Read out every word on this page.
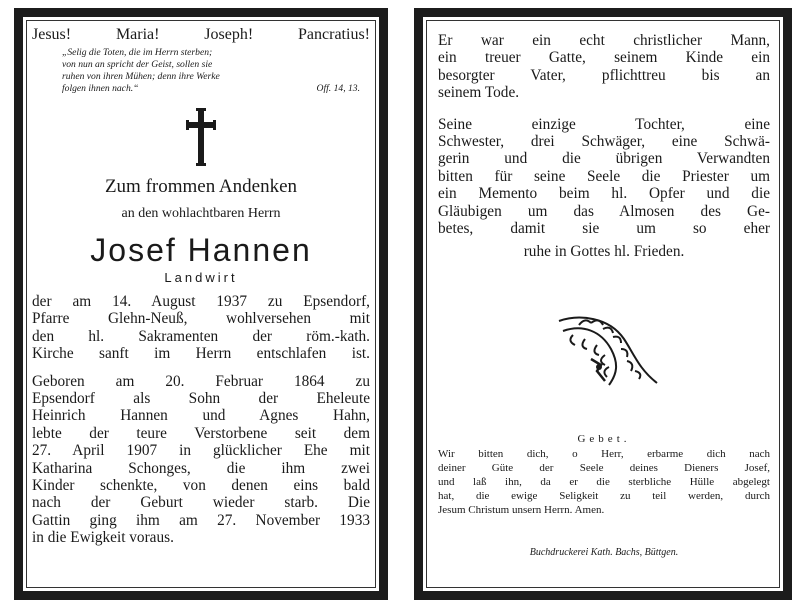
Jesus!	Maria!	Joseph!	Pancratius!
„Selig die Toten, die im Herrn sterben;
von nun an spricht der Geist, sollen sie
ruhen von ihren Mühen; denn ihre Werke
folgen ihnen nach.“	Off. 14, 13.
Zum frommen Andenken
an den wohlachtbaren Herrn
Josef Hannen
Landwirt
der am 14. August 1937 zu Epsendorf,
Pfarre Glehn-Neuß, wohlversehen mit
den hl. Sakramenten der röm.-kath.
Kirche sanft im Herrn entschlafen ist.
Geboren am 20. Februar 1864 zu
Epsendorf als Sohn der Eheleute
Heinrich Hannen und Agnes Hahn,
lebte der teure Verstorbene seit dem
27. April 1907 in glücklicher Ehe mit
Katharina Schonges, die ihm zwei
Kinder schenkte, von denen eins bald
nach der Geburt wieder starb. Die
Gattin ging ihm am 27. November 1933
in die Ewigkeit voraus.
Er war ein echt christlicher Mann,
ein treuer Gatte, seinem Kinde ein
besorgter Vater, pflichttreu bis an
seinem Tode.
Seine einzige Tochter, eine
Schwester, drei Schwäger, eine Schwä-
gerin und die übrigen Verwandten
bitten für seine Seele die Priester um
ein Memento beim hl. Opfer und die
Gläubigen um das Almosen des Ge-
betes, damit sie um so eher
ruhe in Gottes hl. Frieden.
Gebet.
Wir bitten dich, o Herr, erbarme dich nach
deiner Güte der Seele deines Dieners Josef,
und laß ihn, da er die sterbliche Hülle abgelegt
hat, die ewige Seligkeit zu teil werden, durch
Jesum Christum unsern Herrn. Amen.
Buchdruckerei Kath. Bachs, Büttgen.
